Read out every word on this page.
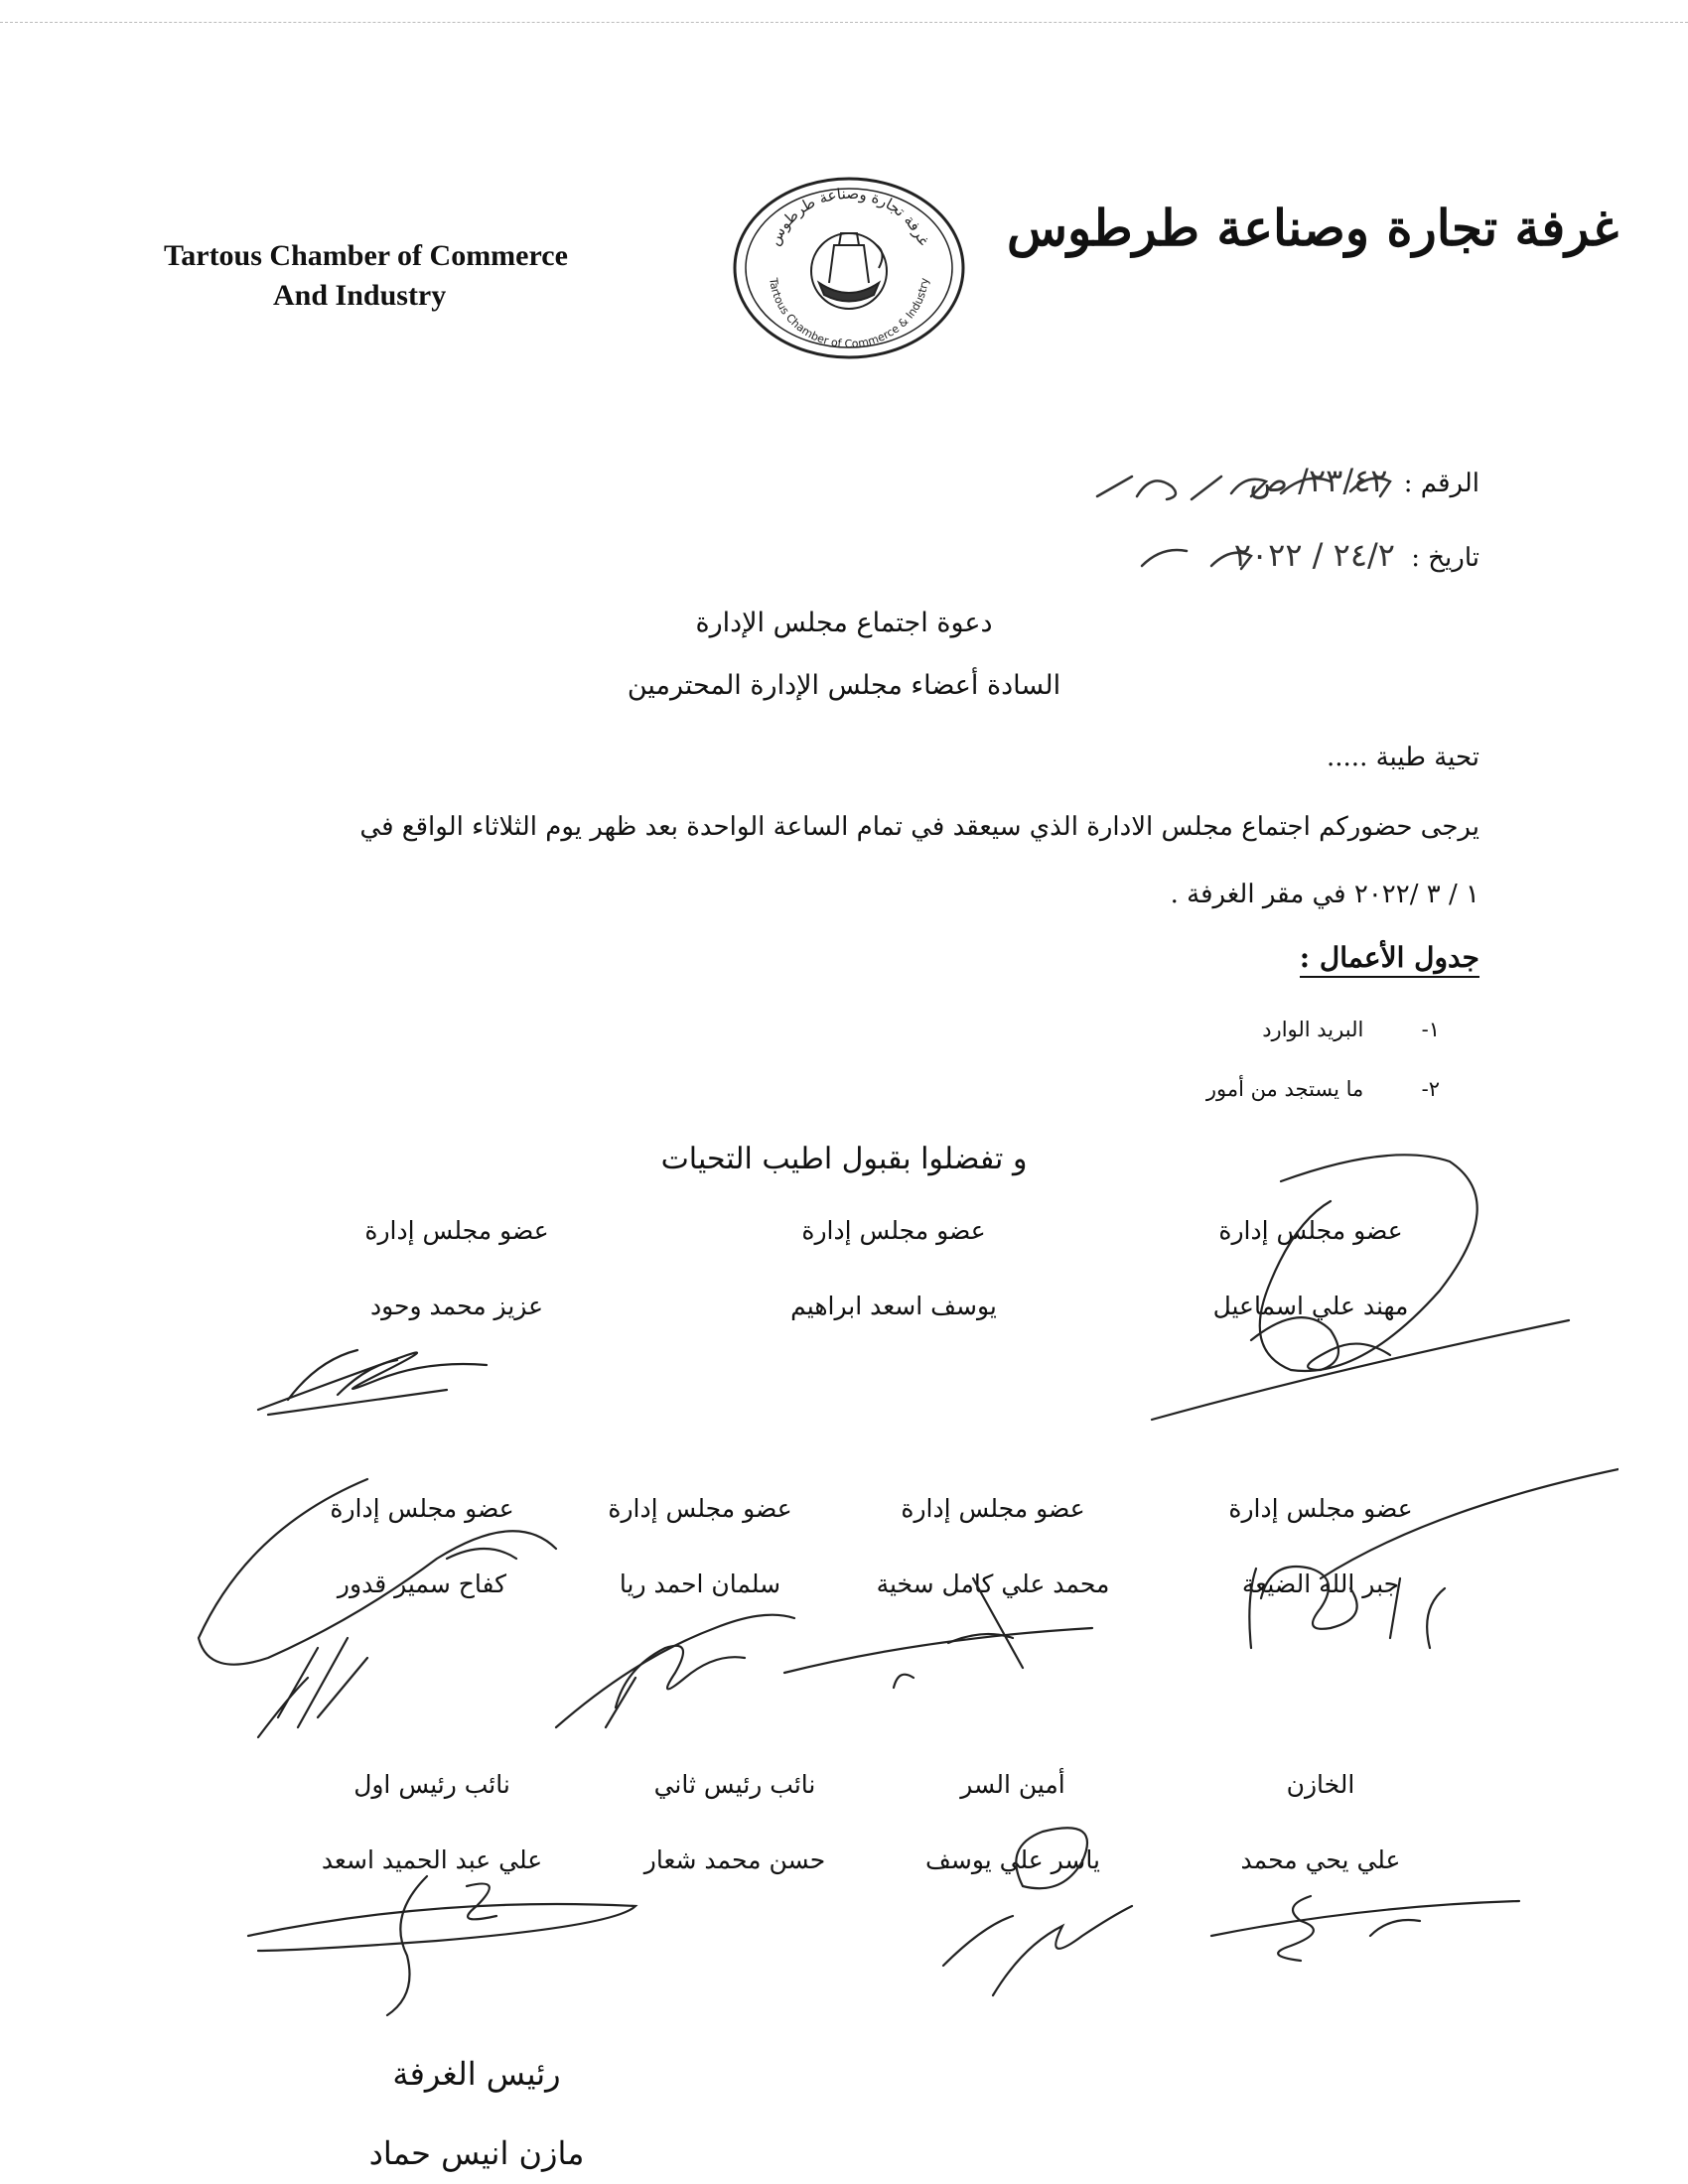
غرفة تجارة وصناعة طرطوس
Tartous Chamber of Commerce
And Industry
غرفة تجارة وصناعة طرطوس
Tartous Chamber of Commerce & Industry
الرقم : ٢٣/٤٢/ ص
تاريخ : ٢٤/٢ / ٢٠٢٢
دعوة اجتماع مجلس الإدارة
السادة أعضاء مجلس الإدارة المحترمين
تحية طيبة .....
يرجى حضوركم اجتماع مجلس الادارة الذي سيعقد في تمام الساعة الواحدة بعد ظهر يوم الثلاثاء الواقع في
١ / ٣ /٢٠٢٢ في مقر الغرفة .
جدول الأعمال :
١- البريد الوارد
٢- ما يستجد من أمور
و تفضلوا بقبول اطيب التحيات
عضو مجلس إدارة
مهند علي اسماعيل
عضو مجلس إدارة
يوسف اسعد ابراهيم
عضو مجلس إدارة
عزيز محمد وحود
عضو مجلس إدارة
جبر الله الضيعة
عضو مجلس إدارة
محمد علي كامل سخية
عضو مجلس إدارة
سلمان احمد ريا
عضو مجلس إدارة
كفاح سمير قدور
الخازن
علي يحي محمد
أمين السر
ياسر علي يوسف
نائب رئيس ثاني
حسن محمد شعار
نائب رئيس اول
علي عبد الحميد اسعد
رئيس الغرفة
مازن انيس حماد
